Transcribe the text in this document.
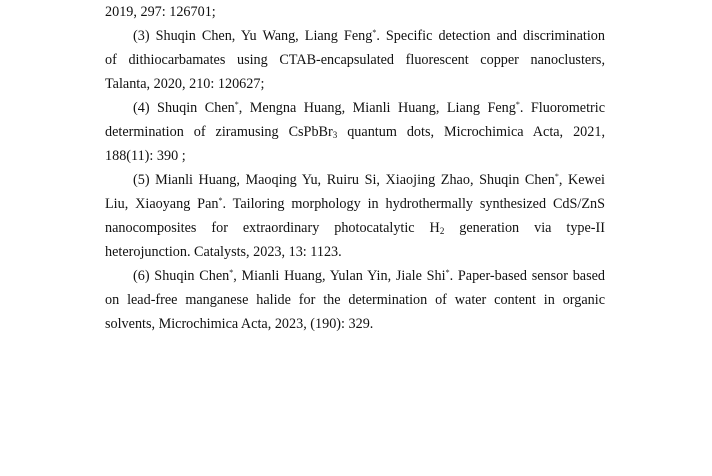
2019, 297: 126701;
(3) Shuqin Chen, Yu Wang, Liang Feng*. Specific detection and discrimination
of dithiocarbamates using CTAB-encapsulated fluorescent copper nanoclusters,
Talanta, 2020, 210: 120627;
(4) Shuqin Chen*, Mengna Huang, Mianli Huang, Liang Feng*. Fluorometric
determination of ziramusing CsPbBr$_3$ quantum dots, Microchimica Acta, 2021,
188(11): 390 ;
(5) Mianli Huang, Maoqing Yu, Ruiru Si, Xiaojing Zhao, Shuqin Chen*, Kewei
Liu, Xiaoyang Pan*. Tailoring morphology in hydrothermally synthesized CdS/ZnS
nanocomposites for extraordinary photocatalytic $H_2$ generation via type-II
heterojunction. Catalysts, 2023, 13: 1123.
(6) Shuqin Chen*, Mianli Huang, Yulan Yin, Jiale Shi*. Paper-based sensor based
on lead-free manganese halide for the determination of water content in organic
solvents, Microchimica Acta, 2023, (190): 329.
